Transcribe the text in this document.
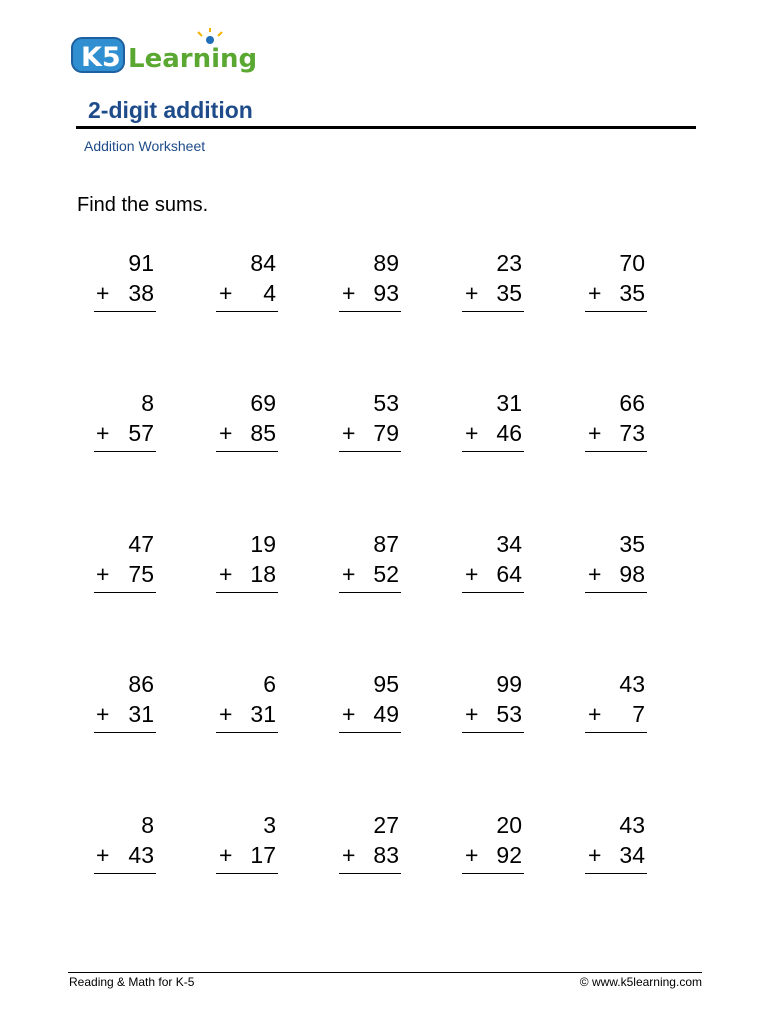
K5 Learning
2-digit addition
Addition Worksheet
Find the sums.
91
+ 38
84
+ 4
89
+ 93
23
+ 35
70
+ 35
8
+ 57
69
+ 85
53
+ 79
31
+ 46
66
+ 73
47
+ 75
19
+ 18
87
+ 52
34
+ 64
35
+ 98
86
+ 31
6
+ 31
95
+ 49
99
+ 53
43
+ 7
8
+ 43
3
+ 17
27
+ 83
20
+ 92
43
+ 34
Reading & Math for K-5	© www.k5learning.com
